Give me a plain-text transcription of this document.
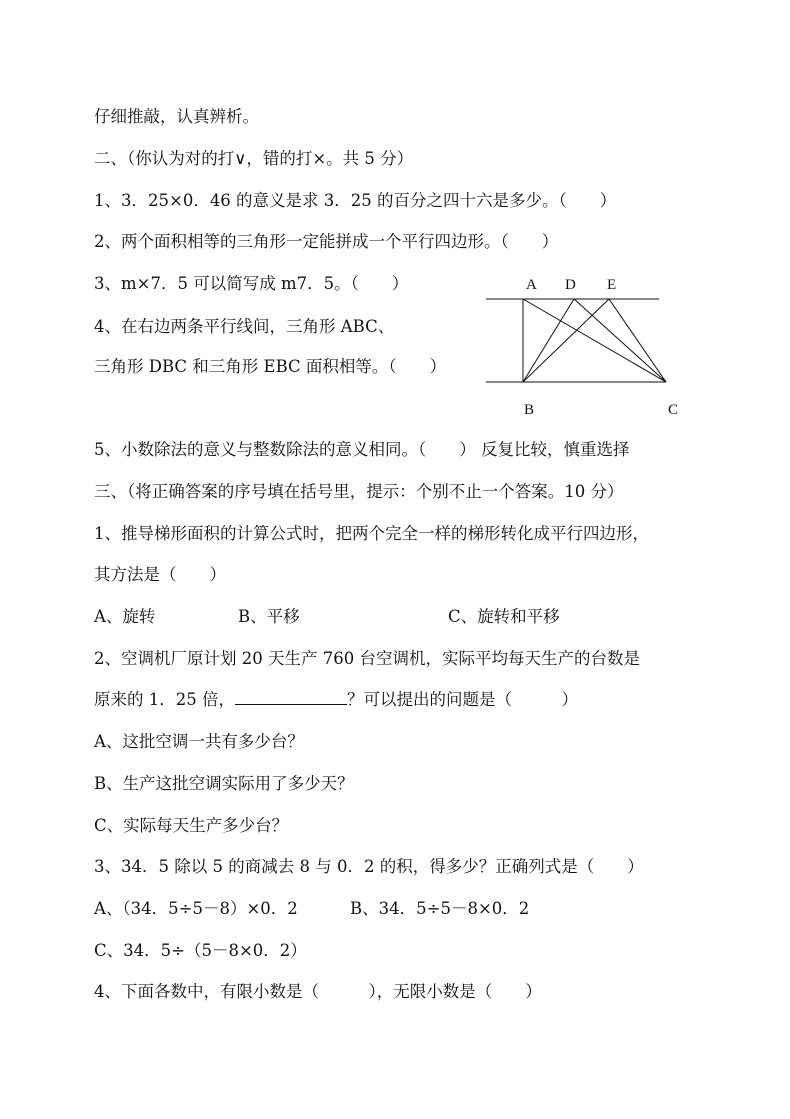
仔细推敲，认真辨析。

二、（你认为对的打∨，错的打×。共 5 分）

1、3．25×0．46 的意义是求 3．25 的百分之四十六是多少。（　　）

2、两个面积相等的三角形一定能拼成一个平行四边形。（　　）

3、m×7．5 可以简写成 m7．5。（　　）

4、在右边两条平行线间，三角形 ABC、

三角形 DBC 和三角形 EBC 面积相等。（　　）

A D E
B	C

5、小数除法的意义与整数除法的意义相同。（　　） 反复比较，慎重选择

三、（将正确答案的序号填在括号里，提示：个别不止一个答案。10 分）

1、推导梯形面积的计算公式时，把两个完全一样的梯形转化成平行四边形，

其方法是（　　）

A、旋转	B、平移	C、旋转和平移

2、空调机厂原计划 20 天生产 760 台空调机，实际平均每天生产的台数是

原来的 1．25 倍，	？可以提出的问题是（　　　）

A、这批空调一共有多少台？

B、生产这批空调实际用了多少天？

C、实际每天生产多少台？

3、34．5 除以 5 的商减去 8 与 0．2 的积，得多少？正确列式是（　　）

A、（34．5÷5－8）×0．2	B、34．5÷5－8×0．2

C、34．5÷（5－8×0．2）

4、下面各数中，有限小数是（　　　），无限小数是（　　）
